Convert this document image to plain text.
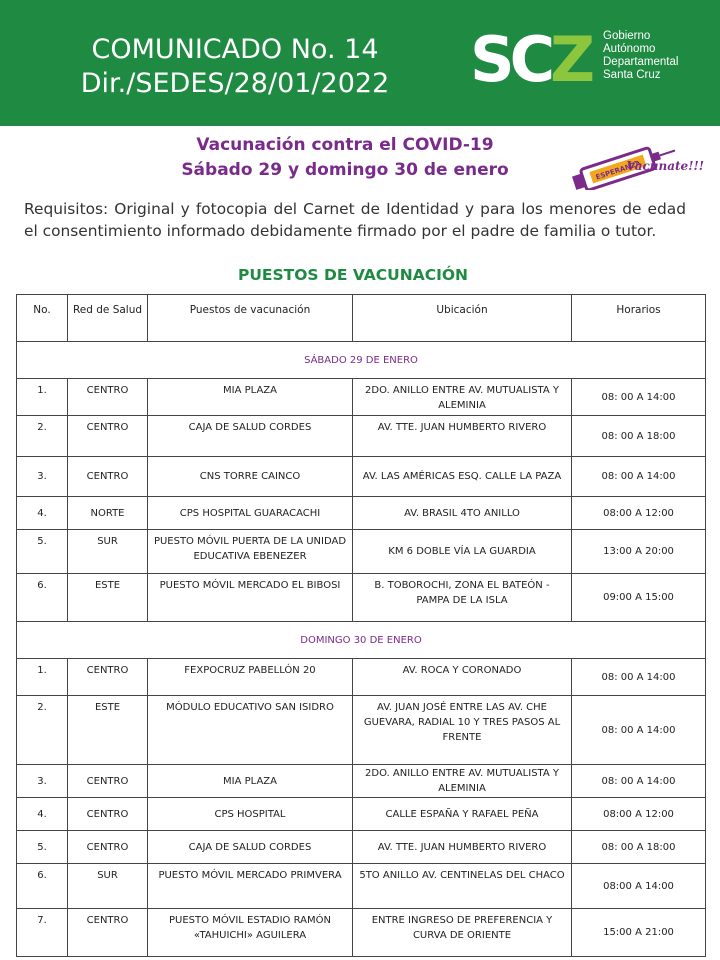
COMUNICADO No. 14
Dir./SEDES/28/01/2022	SCZ Gobierno
Autónomo
Departamental
Santa Cruz
Vacunación contra el COVID-19
Sábado 29 y domingo 30 de enero	ESPERANZA
Vacunate!!!
Requisitos: Original y fotocopia del Carnet de Identidad y para los menores de edad el consentimiento informado debidamente firmado por el padre de familia o tutor.
PUESTOS DE VACUNACIÓN
No.	Red de Salud	Puestos de vacunación	Ubicación	Horarios
SÁBADO 29 DE ENERO				
1.	CENTRO	MIA PLAZA	2DO. ANILLO ENTRE AV. MUTUALISTA Y ALEMINIA	08: 00 A 14:00
2.	CENTRO	CAJA DE SALUD CORDES	AV. TTE. JUAN HUMBERTO RIVERO	08: 00 A 18:00
3.	CENTRO	CNS TORRE CAINCO	AV. LAS AMÉRICAS ESQ. CALLE LA PAZA	08: 00 A 14:00
4.	NORTE	CPS HOSPITAL GUARACACHI	AV. BRASIL 4TO ANILLO	08:00 A 12:00
5.	SUR	PUESTO MÓVIL PUERTA DE LA UNIDAD EDUCATIVA EBENEZER	KM 6 DOBLE VÍA LA GUARDIA	13:00 A 20:00
6.	ESTE	PUESTO MÓVIL MERCADO EL BIBOSI	B. TOBOROCHI, ZONA EL BATEÓN - PAMPA DE LA ISLA	09:00 A 15:00
DOMINGO 30 DE ENERO				
1.	CENTRO	FEXPOCRUZ PABELLÓN 20	AV. ROCA Y CORONADO	08: 00 A 14:00
2.	ESTE	MÓDULO EDUCATIVO SAN ISIDRO	AV. JUAN JOSÉ ENTRE LAS AV. CHE GUEVARA, RADIAL 10 Y TRES PASOS AL FRENTE	08: 00 A 14:00
3.	CENTRO	MIA PLAZA	2DO. ANILLO ENTRE AV. MUTUALISTA Y ALEMINIA	08: 00 A 14:00
4.	CENTRO	CPS HOSPITAL	CALLE ESPAÑA Y RAFAEL PEÑA	08:00 A 12:00
5.	CENTRO	CAJA DE SALUD CORDES	AV. TTE. JUAN HUMBERTO RIVERO	08: 00 A 18:00
6.	SUR	PUESTO MÓVIL MERCADO PRIMVERA	5TO ANILLO AV. CENTINELAS DEL CHACO	08:00 A 14:00
7.	CENTRO	PUESTO MÓVIL ESTADIO RAMÓN «TAHUICHI» AGUILERA	ENTRE INGRESO DE PREFERENCIA Y CURVA DE ORIENTE	15:00 A 21:00
